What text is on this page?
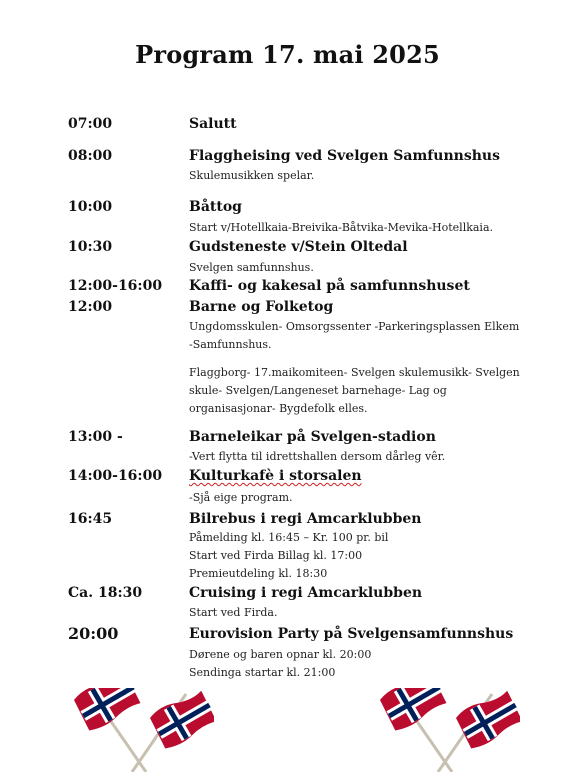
Program 17. mai 2025
07:00	Salutt
08:00	Flaggheising ved Svelgen Samfunnshus
Skulemusikken spelar.
10:00	Båttog
Start v/Hotellkaia-Breivika-Båtvika-Mevika-Hotellkaia.
10:30	Gudsteneste v/Stein Oltedal
Svelgen samfunnshus.
12:00-16:00 Kaffi- og kakesal på samfunnshuset
12:00	Barne og Folketog
Ungdomsskulen- Omsorgssenter -Parkeringsplassen Elkem
-Samfunnshus.
Flaggborg- 17.maikomiteen- Svelgen skulemusikk- Svelgen
skule- Svelgen/Langeneset barnehage- Lag og
organisasjonar- Bygdefolk elles.
13:00 -	Barneleikar på Svelgen-stadion
-Vert flytta til idrettshallen dersom dårleg vêr.
14:00-16:00 Kulturkafè i storsalen
-Sjå eige program.
16:45	Bilrebus i regi Amcarklubben
Påmelding kl. 16:45 – Kr. 100 pr. bil
Start ved Firda Billag kl. 17:00
Premieutdeling kl. 18:30
Ca. 18:30	Cruising i regi Amcarklubben
Start ved Firda.
20:00	Eurovision Party på Svelgensamfunnshus
Dørene og baren opnar kl. 20:00
Sendinga startar kl. 21:00
